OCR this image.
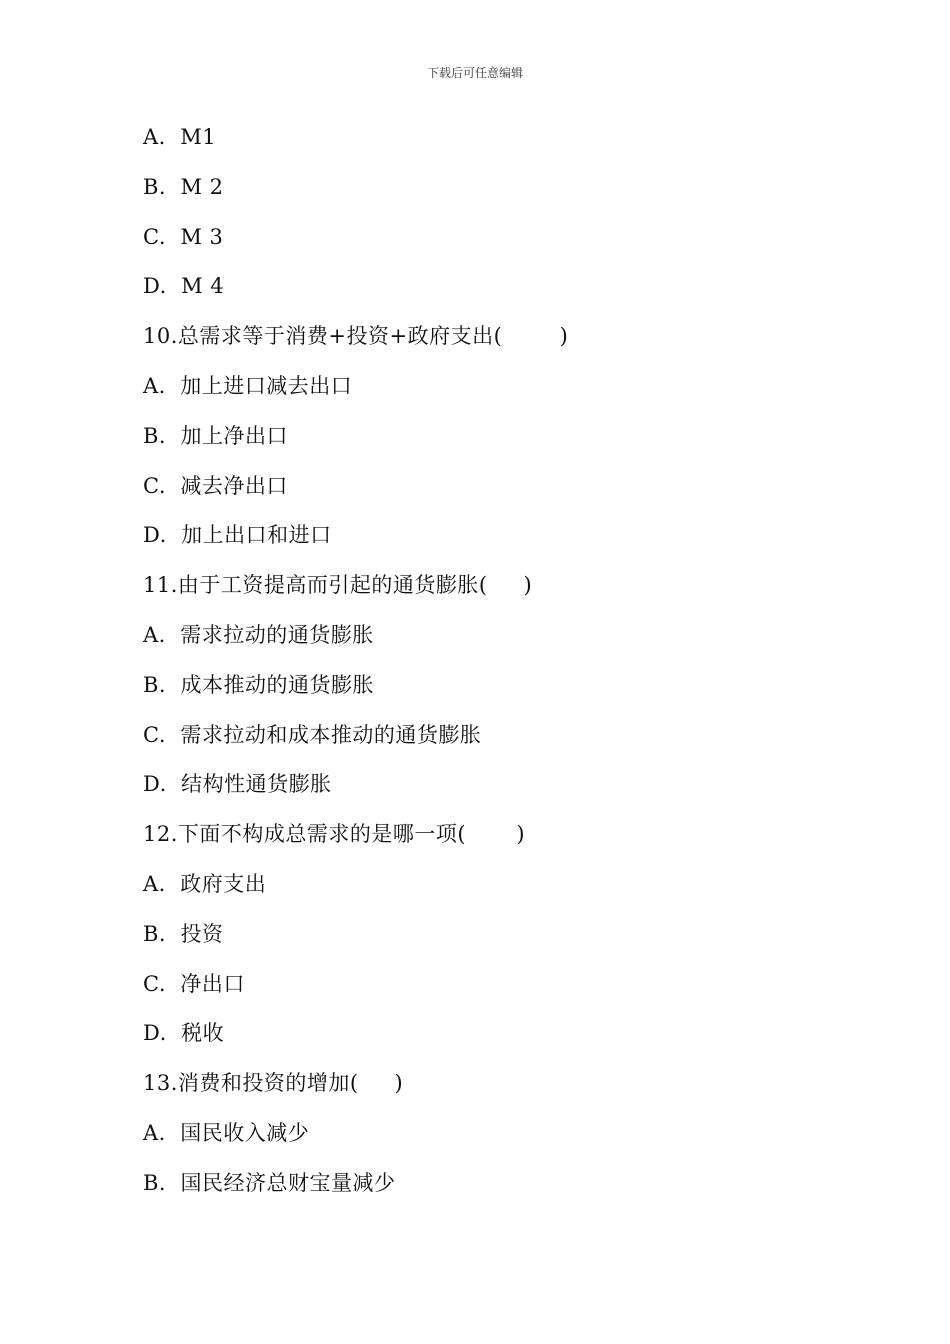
下载后可任意编辑
A.  M1
B.  M 2
C.  M 3
D.  M 4
10.总需求等于消费+投资+政府支出(        )
A.  加上进口减去出口
B.  加上净出口
C.  减去净出口
D.  加上出口和进口
11.由于工资提高而引起的通货膨胀(     )
A.  需求拉动的通货膨胀
B.  成本推动的通货膨胀
C.  需求拉动和成本推动的通货膨胀
D.  结构性通货膨胀
12.下面不构成总需求的是哪一项(       )
A.  政府支出
B.  投资
C.  净出口
D.  税收
13.消费和投资的增加(     )
A.  国民收入减少
B.  国民经济总财宝量减少
